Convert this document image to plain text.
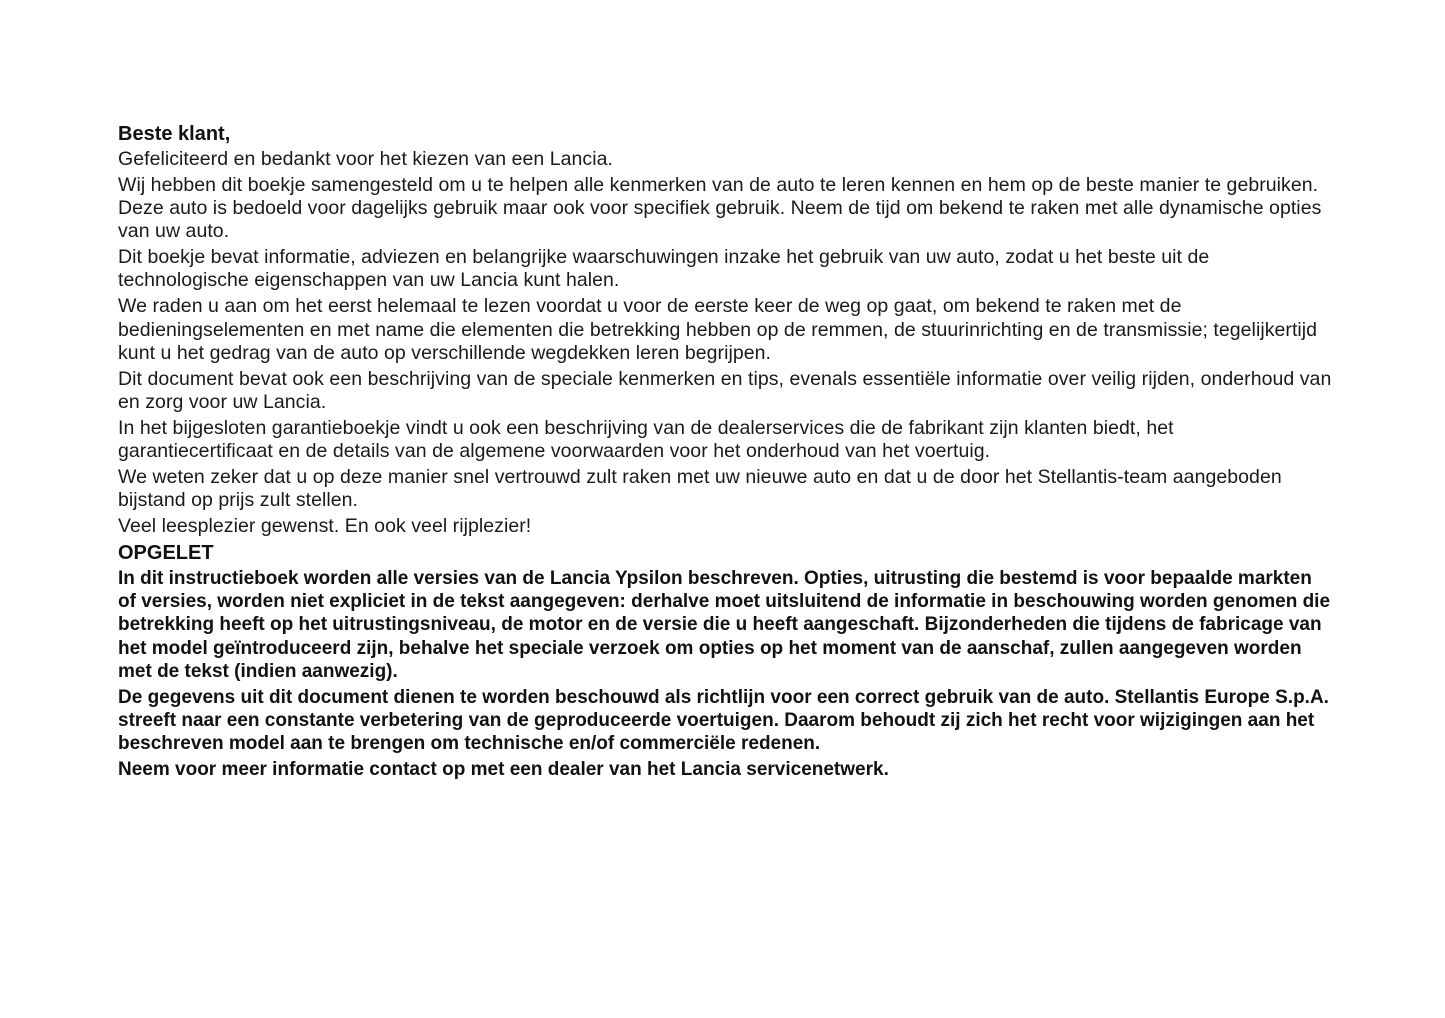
Beste klant,

Gefeliciteerd en bedankt voor het kiezen van een Lancia.

Wij hebben dit boekje samengesteld om u te helpen alle kenmerken van de auto te leren kennen en hem op de beste manier te gebruiken. Deze auto is bedoeld voor dagelijks gebruik maar ook voor specifiek gebruik. Neem de tijd om bekend te raken met alle dynamische opties van uw auto.

Dit boekje bevat informatie, adviezen en belangrijke waarschuwingen inzake het gebruik van uw auto, zodat u het beste uit de technologische eigenschappen van uw Lancia kunt halen.

We raden u aan om het eerst helemaal te lezen voordat u voor de eerste keer de weg op gaat, om bekend te raken met de bedieningselementen en met name die elementen die betrekking hebben op de remmen, de stuurinrichting en de transmissie; tegelijkertijd kunt u het gedrag van de auto op verschillende wegdekken leren begrijpen.

Dit document bevat ook een beschrijving van de speciale kenmerken en tips, evenals essentiële informatie over veilig rijden, onderhoud van en zorg voor uw Lancia.

In het bijgesloten garantieboekje vindt u ook een beschrijving van de dealerservices die de fabrikant zijn klanten biedt, het garantiecertificaat en de details van de algemene voorwaarden voor het onderhoud van het voertuig.

We weten zeker dat u op deze manier snel vertrouwd zult raken met uw nieuwe auto en dat u de door het Stellantis-team aangeboden bijstand op prijs zult stellen.

Veel leesplezier gewenst. En ook veel rijplezier!

OPGELET

In dit instructieboek worden alle versies van de Lancia Ypsilon beschreven. Opties, uitrusting die bestemd is voor bepaalde markten of versies, worden niet expliciet in de tekst aangegeven: derhalve moet uitsluitend de informatie in beschouwing worden genomen die betrekking heeft op het uitrustingsniveau, de motor en de versie die u heeft aangeschaft. Bijzonderheden die tijdens de fabricage van het model geïntroduceerd zijn, behalve het speciale verzoek om opties op het moment van de aanschaf, zullen aangegeven worden met de tekst (indien aanwezig).

De gegevens uit dit document dienen te worden beschouwd als richtlijn voor een correct gebruik van de auto. Stellantis Europe S.p.A. streeft naar een constante verbetering van de geproduceerde voertuigen. Daarom behoudt zij zich het recht voor wijzigingen aan het beschreven model aan te brengen om technische en/of commerciële redenen.

Neem voor meer informatie contact op met een dealer van het Lancia servicenetwerk.
